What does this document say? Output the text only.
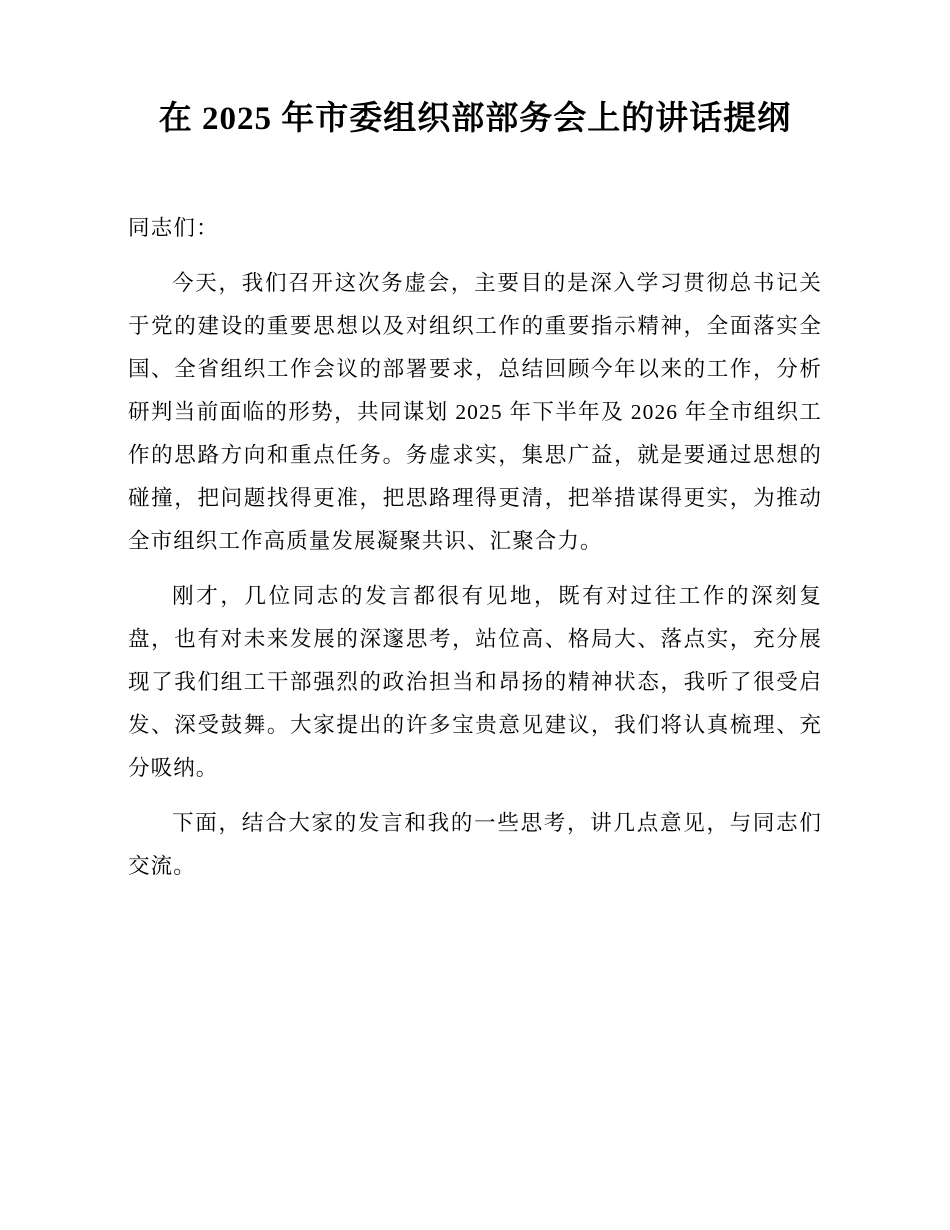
在 2025 年市委组织部部务会上的讲话提纲

同志们：

今天，我们召开这次务虚会，主要目的是深入学习贯彻总书记关于党的建设的重要思想以及对组织工作的重要指示精神，全面落实全国、全省组织工作会议的部署要求，总结回顾今年以来的工作，分析研判当前面临的形势，共同谋划 2025 年下半年及 2026 年全市组织工作的思路方向和重点任务。务虚求实，集思广益，就是要通过思想的碰撞，把问题找得更准，把思路理得更清，把举措谋得更实，为推动全市组织工作高质量发展凝聚共识、汇聚合力。

刚才，几位同志的发言都很有见地，既有对过往工作的深刻复盘，也有对未来发展的深邃思考，站位高、格局大、落点实，充分展现了我们组工干部强烈的政治担当和昂扬的精神状态，我听了很受启发、深受鼓舞。大家提出的许多宝贵意见建议，我们将认真梳理、充分吸纳。

下面，结合大家的发言和我的一些思考，讲几点意见，与同志们交流。
